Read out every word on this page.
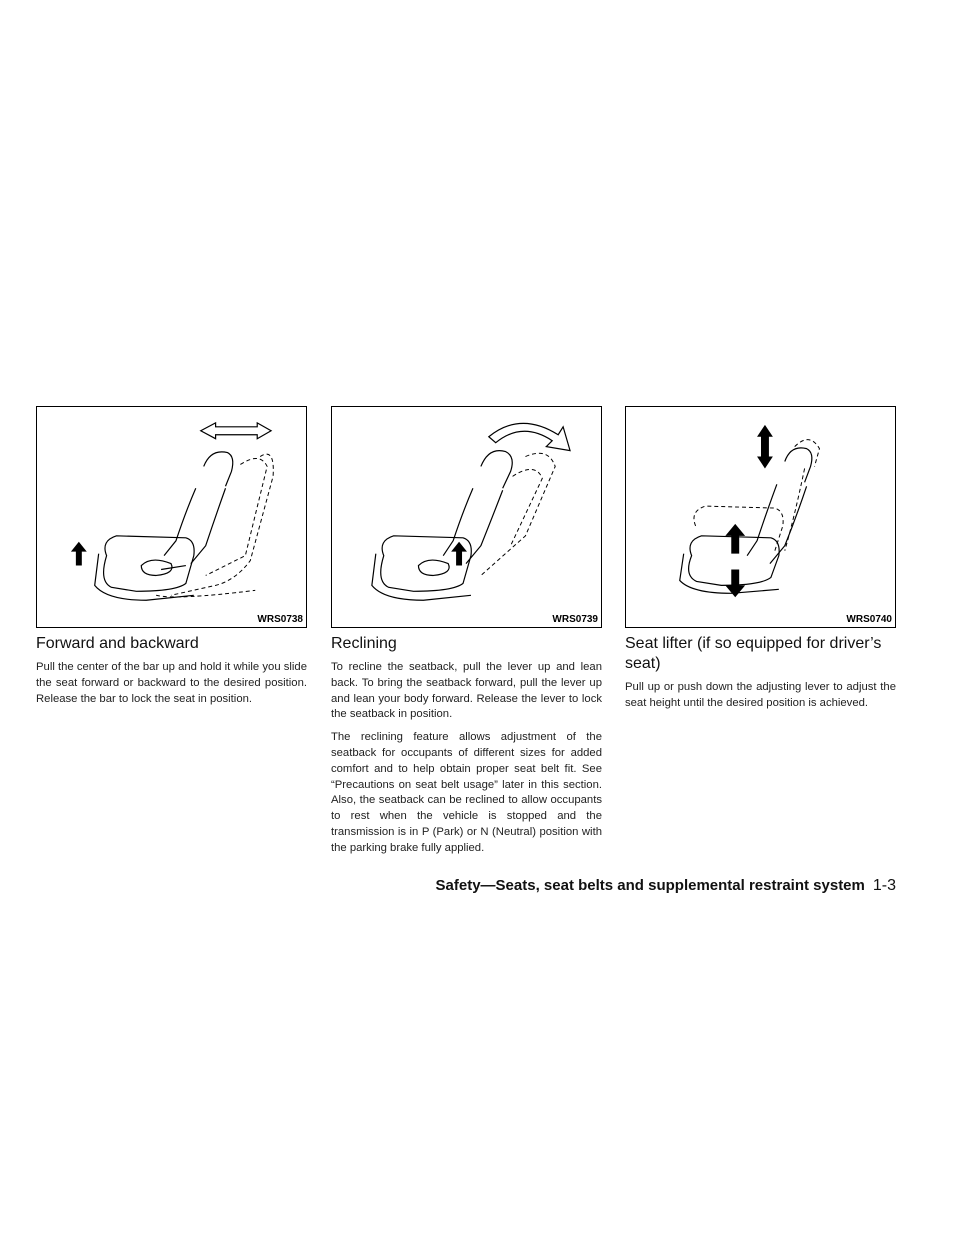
WRS0738	WRS0739	WRS0740
Forward and backward

Pull the center of the bar up and hold it while you slide the seat forward or backward to the desired position. Release the bar to lock the seat in position.

Reclining

To recline the seatback, pull the lever up and lean back. To bring the seatback forward, pull the lever up and lean your body forward. Release the lever to lock the seatback in position.

The reclining feature allows adjustment of the seatback for occupants of different sizes for added comfort and to help obtain proper seat belt fit. See “Precautions on seat belt usage” later in this section. Also, the seatback can be reclined to allow occupants to rest when the vehicle is stopped and the transmission is in P (Park) or N (Neutral) position with the parking brake fully applied.

Seat lifter (if so equipped for driver’s seat)

Pull up or push down the adjusting lever to adjust the seat height until the desired position is achieved.

Safety—Seats, seat belts and supplemental restraint system 1-3
